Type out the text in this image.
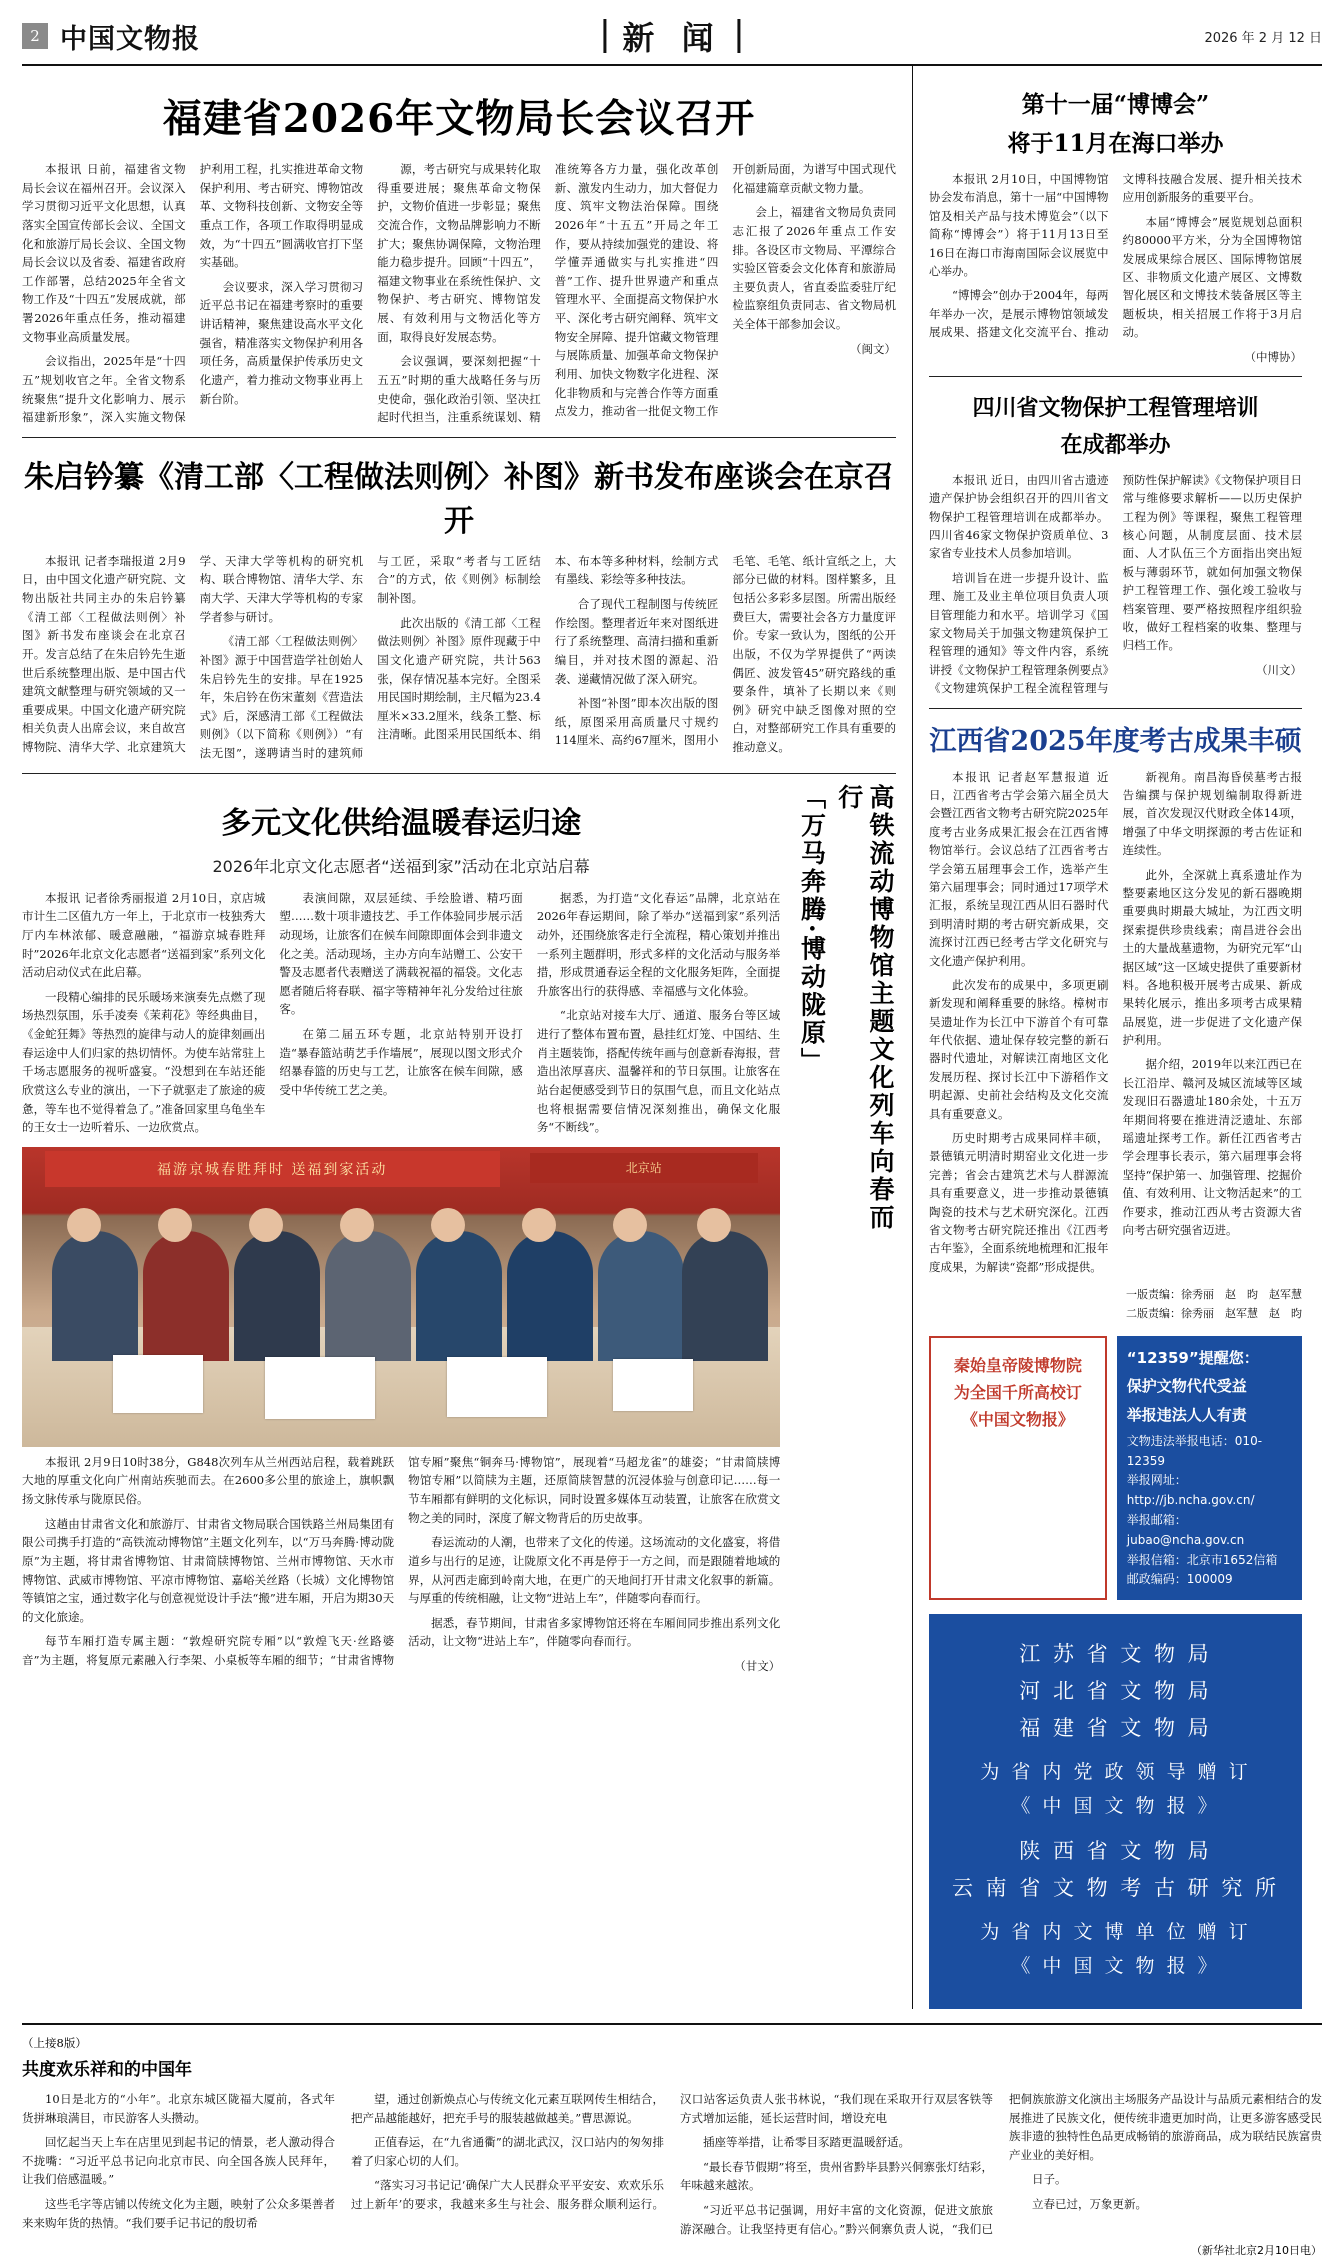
2 中国文物报	新 闻	2026 年 2 月 12 日
福建省2026年文物局长会议召开

本报讯 日前，福建省文物局长会议在福州召开。会议深入学习贯彻习近平文化思想，认真落实全国宣传部长会议、全国文化和旅游厅局长会议、全国文物局长会议以及省委、福建省政府工作部署，总结2025年全省文物工作及“十四五”发展成就，部署2026年重点任务，推动福建文物事业高质量发展。

会议指出，2025年是“十四五”规划收官之年。全省文物系统聚焦“提升文化影响力、展示福建新形象”，深入实施文物保护利用工程，扎实推进革命文物保护利用、考古研究、博物馆改革、文物科技创新、文物安全等重点工作，各项工作取得明显成效，为“十四五”圆满收官打下坚实基础。

会议要求，深入学习贯彻习近平总书记在福建考察时的重要讲话精神，聚焦建设高水平文化强省，精准落实文物保护利用各项任务，高质量保护传承历史文化遗产，着力推动文物事业再上新台阶。

源，考古研究与成果转化取得重要进展；聚焦革命文物保护，文物价值进一步彰显；聚焦交流合作，文物品牌影响力不断扩大；聚焦协调保障，文物治理能力稳步提升。回顾“十四五”，福建文物事业在系统性保护、文物保护、考古研究、博物馆发展、有效利用与文物活化等方面，取得良好发展态势。

会议强调，要深刻把握“十五五”时期的重大战略任务与历史使命，强化政治引领、坚决扛起时代担当，注重系统谋划、精准统筹各方力量，强化改革创新、激发内生动力，加大督促力度、筑牢文物法治保障。围绕2026年“十五五”开局之年工作，要从持续加强党的建设、将学懂弄通做实与扎实推进“四普”工作、提升世界遗产和重点管理水平、全面提高文物保护水平、深化考古研究阐释、筑牢文物安全屏障、提升馆藏文物管理与展陈质量、加强革命文物保护利用、加快文物数字化进程、深化非物质和与完善合作等方面重点发力，推动省一批促文物工作开创新局面，为谱写中国式现代化福建篇章贡献文物力量。

会上，福建省文物局负责同志汇报了2026年重点工作安排。各设区市文物局、平潭综合实验区管委会文化体育和旅游局主要负责人，省直委监委驻厅纪检监察组负责同志、省文物局机关全体干部参加会议。

（闽文）

朱启钤纂《清工部〈工程做法则例〉补图》新书发布座谈会在京召开

本报讯 记者李瑞报道 2月9日，由中国文化遗产研究院、文物出版社共同主办的朱启钤纂《清工部〈工程做法则例〉补图》新书发布座谈会在北京召开。发言总结了在朱启钤先生逝世后系统整理出版、是中国古代建筑文献整理与研究领域的又一重要成果。中国文化遗产研究院相关负责人出席会议，来自故宫博物院、清华大学、北京建筑大学、天津大学等机构的研究机构、联合博物馆、清华大学、东南大学、天津大学等机构的专家学者参与研讨。

《清工部〈工程做法则例〉补图》源于中国营造学社创始人朱启钤先生的安排。早在1925年，朱启钤在伤宋董刻《营造法式》后，深感清工部《工程做法则例》（以下简称《则例》）“有法无图”，遂聘请当时的建筑师与工匠，采取“考者与工匠结合”的方式，依《则例》标制绘制补图。

此次出版的《清工部〈工程做法则例〉补图》原件现藏于中国文化遗产研究院，共计563张，保存情况基本完好。全图采用民国时期绘制，主尺幅为23.4厘米×33.2厘米，线条工整、标注清晰。此图采用民国纸本、绢本、布本等多种材料，绘制方式有墨线、彩绘等多种技法。

合了现代工程制图与传统匠作绘图。整理者近年来对图纸进行了系统整理、高清扫描和重新编目，并对技术图的源起、沿袭、递藏情况做了深入研究。

补图“补图”即本次出版的图纸，原图采用高质量尺寸规约114厘米、高约67厘米，图用小毛笔、毛笔、纸计宣纸之上，大部分已做的材料。图样繁多，且包括公多彩多层图。所需出版经费巨大，需要社会各方力量度评价。专家一致认为，图纸的公开出版，不仅为学界提供了“两读偶匠、波发管45”研究路线的重要条件，填补了长期以来《则例》研究中缺乏图像对照的空白，对整部研究工作具有重要的推动意义。

多元文化供给温暖春运归途
2026年北京文化志愿者“送福到家”活动在北京站启幕

本报讯 记者徐秀丽报道 2月10日，京店城市计生二区值九方一年上，于北京市一枝独秀大厅内车林浓郁、暖意融融，“福游京城春貹拜时”2026年北京文化志愿者“送福到家”系列文化活动启动仪式在此启幕。

一段精心编排的民乐暖场来演奏先点燃了现场热烈氛围，乐手凌奏《茉莉花》等经典曲目，《金蛇狂舞》等热烈的旋律与动人的旋律刻画出春运途中人们归家的热切情怀。为使车站常驻上千场志愿服务的视听盛宴。“没想到在车站还能欣赏这么专业的演出，一下子就驱走了旅途的疲惫，等车也不觉得着急了。”准备回家里乌龟坐车的王女士一边听着乐、一边欣赏点。

表演间隙，双层延续、手绘脸谱、精巧面塑……数十项非遗技艺、手工作体验同步展示活动现场，让旅客们在候车间隙即面体会到非遗文化之美。活动现场，主办方向车站赠工、公安干警及志愿者代表赠送了满载祝福的福袋。文化志愿者随后将春联、福字等精神年礼分发给过往旅客。

在第二届五环专题，北京站特别开设打造“暴春篮站萌艺手作墙展”，展现以图文形式介绍暴春篮的历史与工艺，让旅客在候车间隙，感受中华传统工艺之美。

据悉，为打造“文化春运”品牌，北京站在2026年春运期间，除了举办“送福到家”系列活动外，还围绕旅客走行全流程，精心策划并推出一系列主题群明，形式多样的文化活动与服务举措，形成贯通春运全程的文化服务矩阵，全面提升旅客出行的获得感、幸福感与文化体验。

“北京站对接车大厅、通道、服务台等区域进行了整体布置布置，悬挂红灯笼、中国结、生肖主题装饰，搭配传统年画与创意新春海报，营造出浓厚喜庆、温馨祥和的节日氛围。让旅客在站台起便感受到节日的氛围气息，而且文化站点也将根据需要信情况深刻推出，确保文化服务“不断线”。

福游京城春貹拜时 送福到家活动	北京站

本报讯 2月9日10时38分，G848次列车从兰州西站启程，载着跳跃大地的厚重文化向广州南站疾驰而去。在2600多公里的旅途上，旗帜飘扬文脉传承与陇原民俗。

这趟由甘肃省文化和旅游厅、甘肃省文物局联合国铁路兰州局集团有限公司携手打造的“高铁流动博物馆”主题文化列车，以“万马奔腾·博动陇原”为主题，将甘肃省博物馆、甘肃简牍博物馆、兰州市博物馆、天水市博物馆、武威市博物馆、平凉市博物馆、嘉峪关丝路（长城）文化博物馆等镇馆之宝，通过数字化与创意视觉设计手法“搬”进车厢，开启为期30天的文化旅途。

每节车厢打造专属主题：“敦煌研究院专厢”以“敦煌飞天·丝路婆音”为主题，将复原元素融入行李架、小桌板等车厢的细节；“甘肃省博物馆专厢”聚焦“铜奔马·博物馆”，展现着“马超龙雀”的雄姿；“甘肃简牍博物馆专厢”以简牍为主题，还原简牍智慧的沉浸体验与创意印记……每一节车厢都有鲜明的文化标识，同时设置多媒体互动装置，让旅客在欣赏文物之美的同时，深度了解文物背后的历史故事。

春运流动的人潮，也带来了文化的传递。这场流动的文化盛宴，将借道乡与出行的足迹，让陇原文化不再是停于一方之间，而是跟随着地域的界，从河西走廊到岭南大地，在更广的天地间打开甘肃文化叙事的新篇。与厚重的传统相融，让文物“进站上车”，伴随零向春而行。

据悉，春节期间，甘肃省多家博物馆还将在车厢间同步推出系列文化活动，让文物“进站上车”，伴随零向春而行。

（甘文）

「万马奔腾·博动陇原」	高铁流动博物馆主题文化列车向春而行
第十一届“博博会”
将于11月在海口举办

本报讯 2月10日，中国博物馆协会发布消息，第十一届“中国博物馆及相关产品与技术博览会”（以下简称“博博会”）将于11月13日至16日在海口市海南国际会议展览中心举办。

“博博会”创办于2004年，每两年举办一次，是展示博物馆领域发展成果、搭建文化交流平台、推动文博科技融合发展、提升相关技术应用创新服务的重要平台。

本届“博博会”展览规划总面积约80000平方米，分为全国博物馆发展成果综合展区、国际博物馆展区、非物质文化遗产展区、文博数智化展区和文博技术装备展区等主题板块，相关招展工作将于3月启动。

（中博协）

四川省文物保护工程管理培训
在成都举办

本报讯 近日，由四川省古遗迹遗产保护协会组织召开的四川省文物保护工程管理培训在成都举办。四川省46家文物保护资质单位、3家省专业技术人员参加培训。

培训旨在进一步提升设计、监理、施工及业主单位项目负责人项目管理能力和水平。培训学习《国家文物局关于加强文物建筑保护工程管理的通知》等文件内容，系统讲授《文物保护工程管理条例要点》《文物建筑保护工程全流程管理与预防性保护解读》《文物保护项目日常与维修要求解析——以历史保护工程为例》等课程，聚焦工程管理核心问题，从制度层面、技术层面、人才队伍三个方面指出突出短板与薄弱环节，就如何加强文物保护工程管理工作、强化竣工验收与档案管理、要严格按照程序组织验收，做好工程档案的收集、整理与归档工作。

（川文）

江西省2025年度考古成果丰硕

本报讯 记者赵军慧报道 近日，江西省考古学会第六届全员大会暨江西省文物考古研究院2025年度考古业务成果汇报会在江西省博物馆举行。会议总结了江西省考古学会第五届理事会工作，选举产生第六届理事会；同时通过17项学术汇报，系统呈现江西从旧石器时代到明清时期的考古研究新成果，交流探讨江西已经考古学文化研究与文化遗产保护利用。

此次发布的成果中，多项更刷新发现和阐释重要的脉络。樟树市吴遗址作为长江中下游首个有可靠年代依据、遗址保存较完整的新石器时代遗址，对解读江南地区文化发展历程、探讨长江中下游稻作文明起源、史前社会结构及文化交流具有重要意义。

历史时期考古成果同样丰硕，景德镇元明清时期窑业文化进一步完善；省会古建筑艺术与人群源流具有重要意义，进一步推动景德镇陶瓷的技术与艺术研究深化。江西省文物考古研究院还推出《江西考古年鉴》，全面系统地梳理和汇报年度成果，为解读“瓷都”形成提供。

新视角。南昌海昏侯墓考古报告编撰与保护规划编制取得新进展，首次发现汉代财政全体14项，增强了中华文明探源的考古佐证和连续性。

此外，全深就上真系遗址作为整要素地区这分发见的新石器晚期重要典时期最大城址，为江西文明探索提供珍贵线索；南昌进谷会出土的大量战墓遗物，为研究元军“山据区域”这一区域史提供了重要新材料。各地积极开展考古成果、新成果转化展示，推出多项考古成果精品展览，进一步促进了文化遗产保护利用。

据介绍，2019年以来江西已在长江沿岸、赣河及城区流域等区域发现旧石器遗址180余处，十五万年期间将要在推进清泛遗址、东部瑶遗址探考工作。新任江西省考古学会理事长表示，第六届理事会将坚持“保护第一、加强管理、挖掘价值、有效利用、让文物活起来”的工作要求，推动江西从考古资源大省向考古研究强省迈进。

一版责编：徐秀丽　赵　昀　赵军慧
二版责编：徐秀丽　赵军慧　赵　昀
秦始皇帝陵博物院
为全国千所高校订
《中国文物报》
“12359”提醒您：
保护文物代代受益
举报违法人人有责
文物违法举报电话：010-12359
举报网址：http://jb.ncha.gov.cn/
举报邮箱：jubao@ncha.gov.cn
举报信箱：北京市1652信箱
邮政编码：100009
江 苏 省 文 物 局
河 北 省 文 物 局
福 建 省 文 物 局
为 省 内 党 政 领 导 赠 订
《 中 国 文 物 报 》
陕 西 省 文 物 局
云 南 省 文 物 考 古 研 究 所
为 省 内 文 博 单 位 赠 订
《 中 国 文 物 报 》
（上接8版）
共度欢乐祥和的中国年

10日是北方的“小年”。北京东城区陇福大厦前，各式年货拼琳琅满目，市民游客人头攒动。

回忆起当天上车在店里见到起书记的情景，老人激动得合不拢嘴：“习近平总书记向北京市民、向全国各族人民拜年，让我们倍感温暖。”

这些毛字等店铺以传统文化为主题，映射了公众多渠善者来来购年货的热情。“我们要手记书记的殷切希

望，通过创新焕点心与传统文化元素互联网传生相结合，把产品越能越好，把充手号的服装越做越美。”曹思源说。

正值春运，在“九省通衢”的湖北武汉，汉口站内的匆匆排着了归家心切的人们。

“落实习习书记记‘确保广大人民群众平平安安、欢欢乐乐过上新年’的要求，我越来多生与社会、服务群众顺利运行。汉口站客运负责人张书林说，“我们现在采取开行双层客铁等方式增加运能，延长运营时间，增设充电

插座等举措，让希零目豕踏更温暖舒适。

“最长春节假期”将至，贵州省黔毕县黔兴侗寨张灯结彩，年味越来越浓。

“习近平总书记强调，用好丰富的文化资源，促进文旅旅游深融合。让我坚持更有信心。”黔兴侗寨负责人说，“我们已把侗族旅游文化演出主场服务产品设计与品质元素相结合的发展推进了民族文化，便传统非遗更加时尚，让更多游客感受民族非遗的独特性色品更成畅销的旅游商品，成为联结民族富贵产业业的美好相。

日子。

立春已过，万象更新。

（新华社北京2月10日电）
